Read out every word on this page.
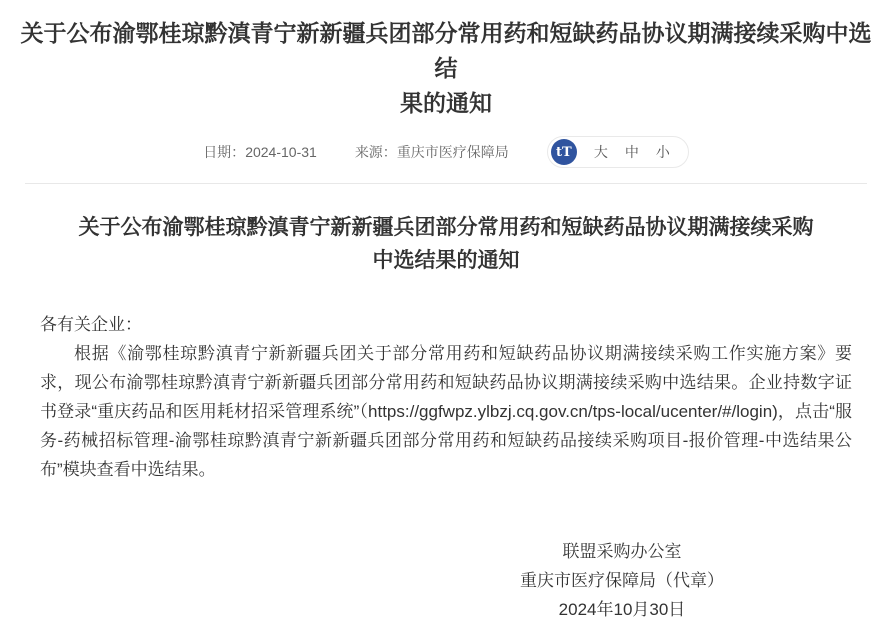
关于公布渝鄂桂琼黔滇青宁新新疆兵团部分常用药和短缺药品协议期满接续采购中选结
果的通知
日期： 2024-10-31	来源： 重庆市医疗保障局	tT	大 中 小
关于公布渝鄂桂琼黔滇青宁新新疆兵团部分常用药和短缺药品协议期满接续采购
中选结果的通知

各有关企业：

根据《渝鄂桂琼黔滇青宁新新疆兵团关于部分常用药和短缺药品协议期满接续采购工作实施方案》要求，现公布渝鄂桂琼黔滇青宁新新疆兵团部分常用药和短缺药品协议期满接续采购中选结果。企业持数字证书登录“重庆药品和医用耗材招采管理系统”（https://ggfwpz.ylbzj.cq.gov.cn/tps-local/ucenter/#/login)，点击“服务-药械招标管理-渝鄂桂琼黔滇青宁新新疆兵团部分常用药和短缺药品接续采购项目-报价管理-中选结果公布”模块查看中选结果。

联盟采购办公室
重庆市医疗保障局（代章）
2024年10月30日
